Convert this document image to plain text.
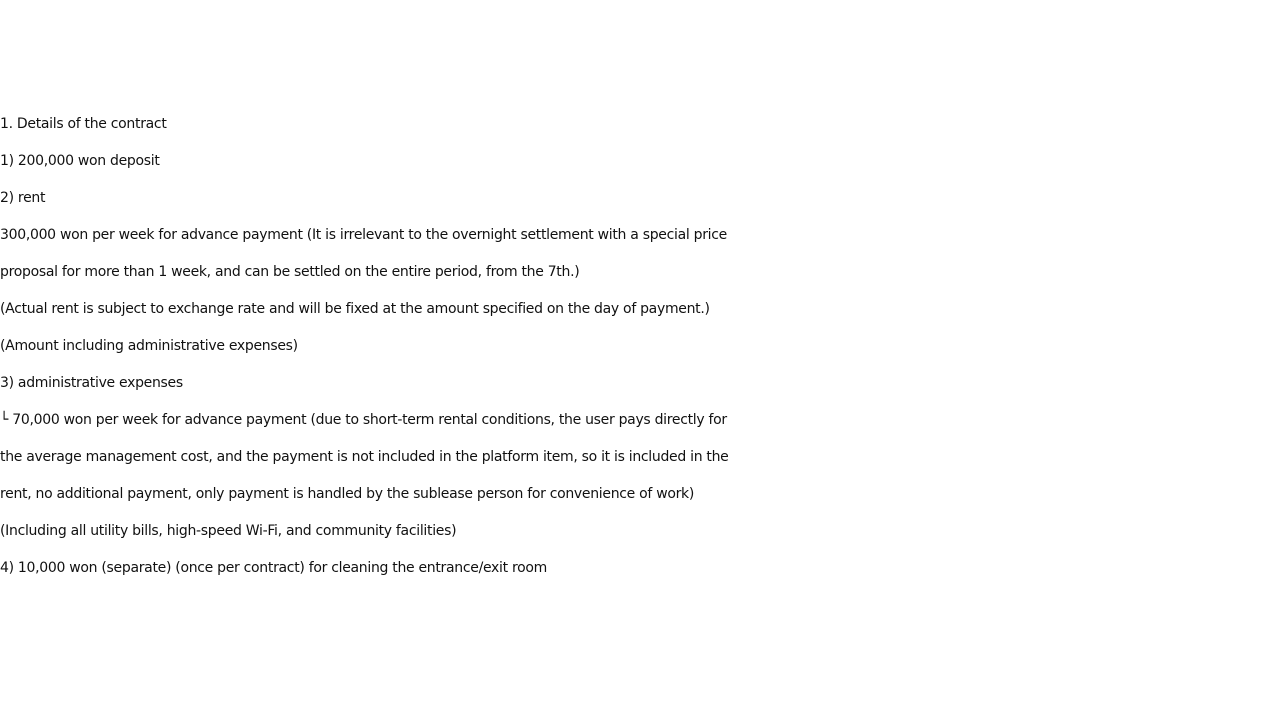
1. Details of the contract

1) 200,000 won deposit

2) rent

300,000 won per week for advance payment (It is irrelevant to the overnight settlement with a special price

proposal for more than 1 week, and can be settled on the entire period, from the 7th.)

(Actual rent is subject to exchange rate and will be fixed at the amount specified on the day of payment.)

(Amount including administrative expenses)

3) administrative expenses

└ 70,000 won per week for advance payment (due to short-term rental conditions, the user pays directly for

the average management cost, and the payment is not included in the platform item, so it is included in the

rent, no additional payment, only payment is handled by the sublease person for convenience of work)

(Including all utility bills, high-speed Wi-Fi, and community facilities)

4) 10,000 won (separate) (once per contract) for cleaning the entrance/exit room
